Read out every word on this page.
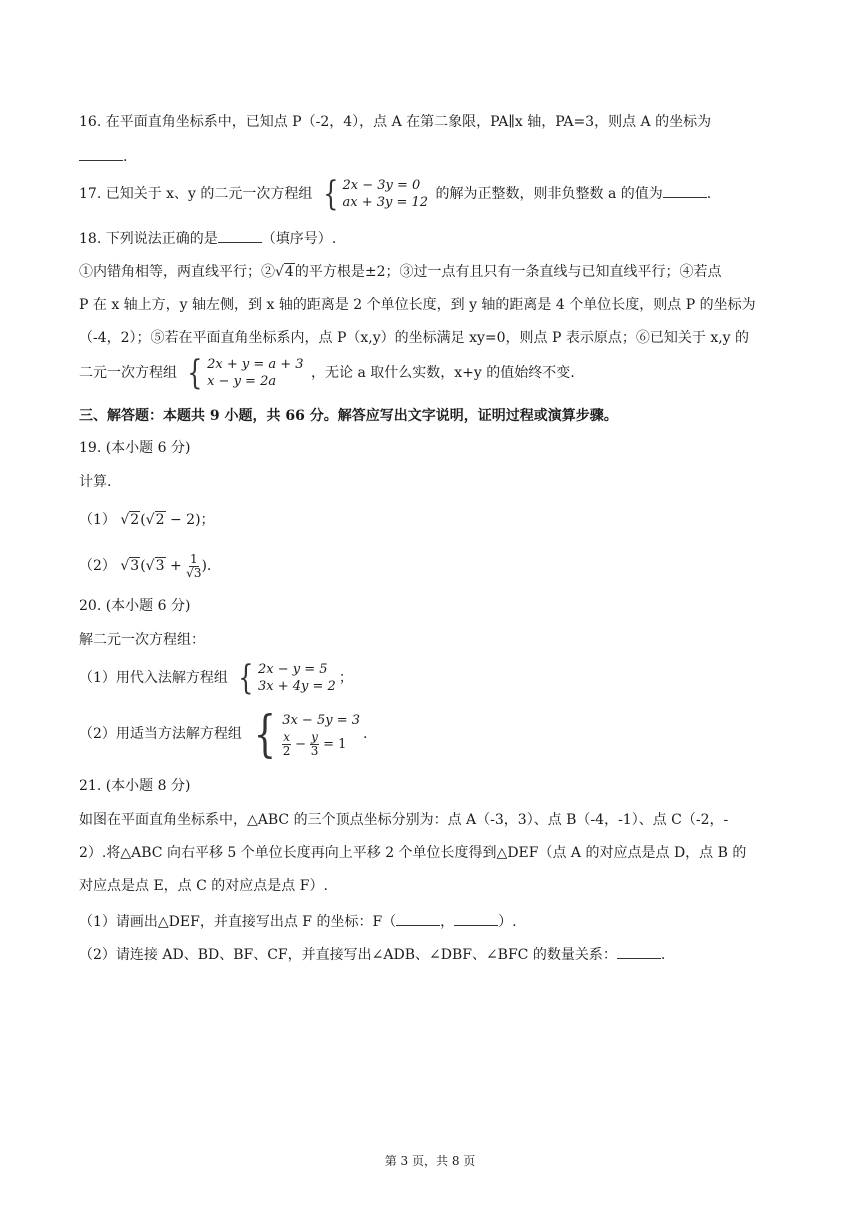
16. 在平面直角坐标系中，已知点 P（-2，4），点 A 在第二象限，PA∥x 轴，PA=3，则点 A 的坐标为
.
17. 已知关于 x、y 的二元一次方程组 { 2x − 3y = 0
ax + 3y = 12
的解为正整数，则非负整数 a 的值为	.
18. 下列说法正确的是	（填序号）.
①内错角相等，两直线平行；②√4的平方根是±2；③过一点有且只有一条直线与已知直线平行；④若点
P 在 x 轴上方，y 轴左侧，到 x 轴的距离是 2 个单位长度，到 y 轴的距离是 4 个单位长度，则点 P 的坐标为
（-4，2）；⑤若在平面直角坐标系内，点 P（x,y）的坐标满足 xy=0，则点 P 表示原点；⑥已知关于 x,y 的
二元一次方程组 { 2x + y = a + 3
x − y = 2a
，无论 a 取什么实数，x+y 的值始终不变.
三、解答题：本题共 9 小题，共 66 分。解答应写出文字说明，证明过程或演算步骤。
19. (本小题 6 分)
计算.
（1） √2(√2 − 2)；
（2） $√3(√3 + \frac{1}{√3}$ ).
20. (本小题 6 分)
解二元一次方程组：
（1）用代入法解方程组 { 2x − y = 5
3x + 4y = 2
；
（2）用适当方法解方程组 { 3x − 5y = 3
$\frac{x}{2} - \frac{y}{3} = 1$
.
21. (本小题 8 分)
如图在平面直角坐标系中，△ABC 的三个顶点坐标分别为：点 A（-3，3）、点 B（-4，-1）、点 C（-2，-
2）.将△ABC 向右平移 5 个单位长度再向上平移 2 个单位长度得到△DEF（点 A 的对应点是点 D，点 B 的
对应点是点 E，点 C 的对应点是点 F）.
（1）请画出△DEF，并直接写出点 F 的坐标：F（	，	）.
（2）请连接 AD、BD、BF、CF，并直接写出∠ADB、∠DBF、∠BFC 的数量关系：	.
第 3 页，共 8 页
